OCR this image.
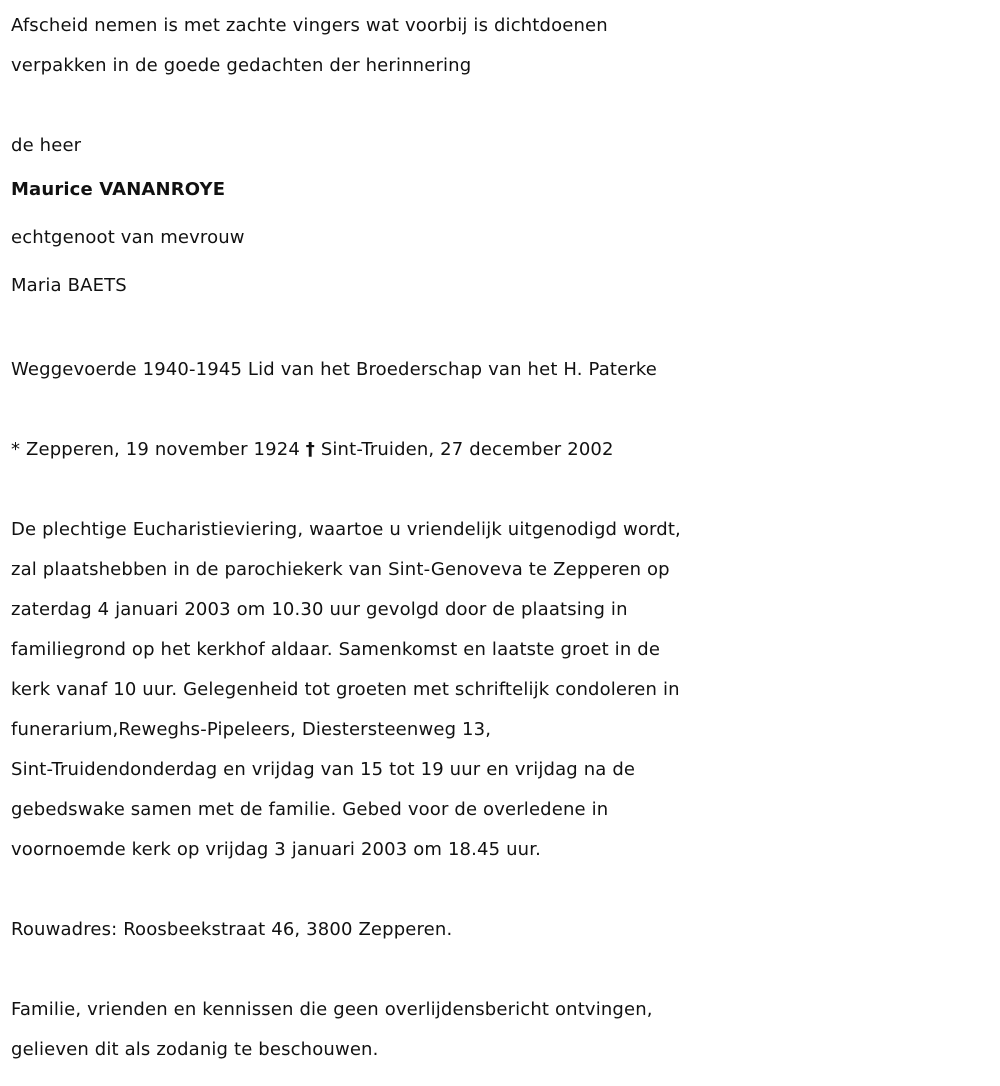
Afscheid nemen is met zachte vingers wat voorbij is dichtdoenen

verpakken in de goede gedachten der herinnering

de heer

Maurice VANANROYE

echtgenoot van mevrouw

Maria BAETS

Weggevoerde 1940-1945 Lid van het Broederschap van het H. Paterke

* Zepperen, 19 november 1924 † Sint-Truiden, 27 december 2002

De plechtige Eucharistieviering, waartoe u vriendelijk uitgenodigd wordt,

zal plaatshebben in de parochiekerk van Sint-Genoveva te Zepperen op

zaterdag 4 januari 2003 om 10.30 uur gevolgd door de plaatsing in

familiegrond op het kerkhof aldaar. Samenkomst en laatste groet in de

kerk vanaf 10 uur. Gelegenheid tot groeten met schriftelijk condoleren in

funerarium,Reweghs-Pipeleers, Diestersteenweg 13,

Sint-Truidendonderdag en vrijdag van 15 tot 19 uur en vrijdag na de

gebedswake samen met de familie. Gebed voor de overledene in

voornoemde kerk op vrijdag 3 januari 2003 om 18.45 uur.

Rouwadres: Roosbeekstraat 46, 3800 Zepperen.

Familie, vrienden en kennissen die geen overlijdensbericht ontvingen,

gelieven dit als zodanig te beschouwen.
